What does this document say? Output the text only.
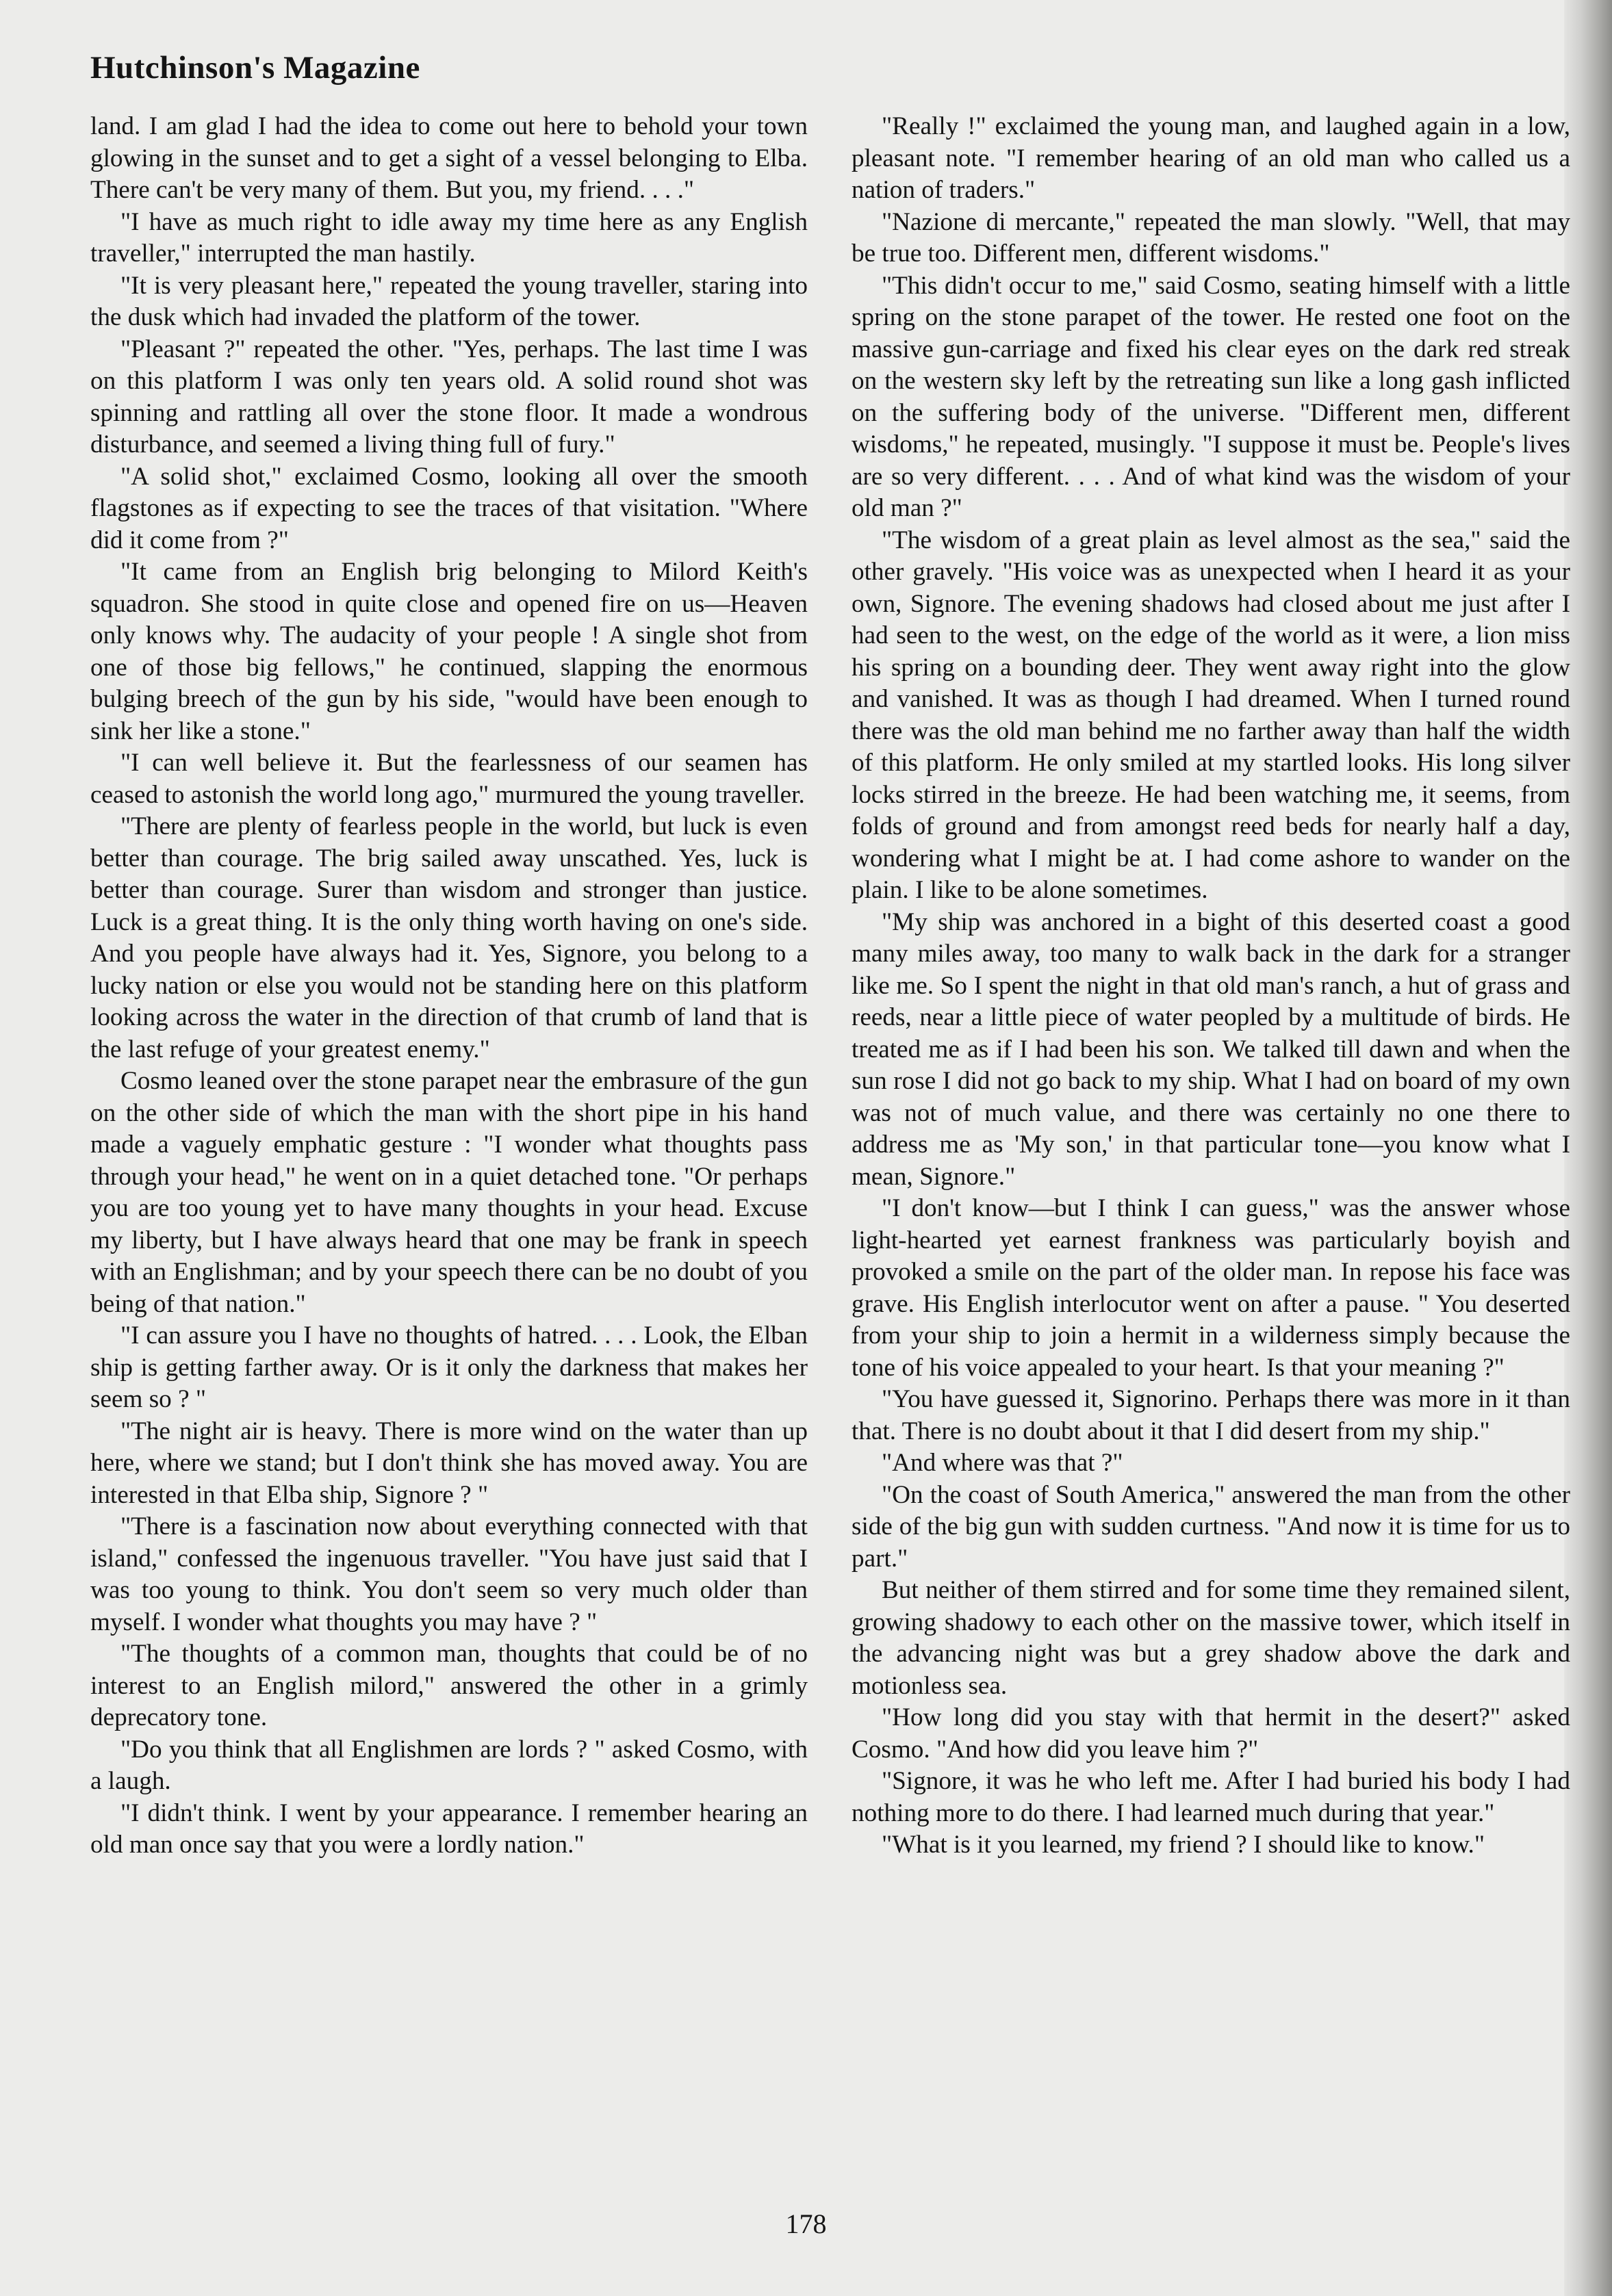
Hutchinson's Magazine

land. I am glad I had the idea to come out here to behold your town glowing in the sunset and to get a sight of a vessel belonging to Elba. There can't be very many of them. But you, my friend. . . ."

"I have as much right to idle away my time here as any English traveller," interrupted the man hastily.

"It is very pleasant here," repeated the young traveller, staring into the dusk which had invaded the platform of the tower.

"Pleasant ?" repeated the other. "Yes, perhaps. The last time I was on this platform I was only ten years old. A solid round shot was spinning and rattling all over the stone floor. It made a wondrous disturbance, and seemed a living thing full of fury."

"A solid shot," exclaimed Cosmo, looking all over the smooth flagstones as if expecting to see the traces of that visitation. "Where did it come from ?"

"It came from an English brig belonging to Milord Keith's squadron. She stood in quite close and opened fire on us—Heaven only knows why. The audacity of your people ! A single shot from one of those big fellows," he continued, slapping the enormous bulging breech of the gun by his side, "would have been enough to sink her like a stone."

"I can well believe it. But the fearlessness of our seamen has ceased to astonish the world long ago," murmured the young traveller.

"There are plenty of fearless people in the world, but luck is even better than courage. The brig sailed away unscathed. Yes, luck is better than courage. Surer than wisdom and stronger than justice. Luck is a great thing. It is the only thing worth having on one's side. And you people have always had it. Yes, Signore, you belong to a lucky nation or else you would not be standing here on this platform looking across the water in the direction of that crumb of land that is the last refuge of your greatest enemy."

Cosmo leaned over the stone parapet near the embrasure of the gun on the other side of which the man with the short pipe in his hand made a vaguely emphatic gesture : "I wonder what thoughts pass through your head," he went on in a quiet detached tone. "Or perhaps you are too young yet to have many thoughts in your head. Excuse my liberty, but I have always heard that one may be frank in speech with an Englishman; and by your speech there can be no doubt of you being of that nation."

"I can assure you I have no thoughts of hatred. . . . Look, the Elban ship is getting farther away. Or is it only the darkness that makes her seem so ? "

"The night air is heavy. There is more wind on the water than up here, where we stand; but I don't think she has moved away. You are interested in that Elba ship, Signore ? "

"There is a fascination now about everything connected with that island," confessed the ingenuous traveller. "You have just said that I was too young to think. You don't seem so very much older than myself. I wonder what thoughts you may have ? "

"The thoughts of a common man, thoughts that could be of no interest to an English milord," answered the other in a grimly deprecatory tone.

"Do you think that all Englishmen are lords ? " asked Cosmo, with a laugh.

"I didn't think. I went by your appearance. I remember hearing an old man once say that you were a lordly nation."

"Really !" exclaimed the young man, and laughed again in a low, pleasant note. "I remember hearing of an old man who called us a nation of traders."

"Nazione di mercante," repeated the man slowly. "Well, that may be true too. Different men, different wisdoms."

"This didn't occur to me," said Cosmo, seating himself with a little spring on the stone parapet of the tower. He rested one foot on the massive gun-carriage and fixed his clear eyes on the dark red streak on the western sky left by the retreating sun like a long gash inflicted on the suffering body of the universe. "Different men, different wisdoms," he repeated, musingly. "I suppose it must be. People's lives are so very different. . . . And of what kind was the wisdom of your old man ?"

"The wisdom of a great plain as level almost as the sea," said the other gravely. "His voice was as unexpected when I heard it as your own, Signore. The evening shadows had closed about me just after I had seen to the west, on the edge of the world as it were, a lion miss his spring on a bounding deer. They went away right into the glow and vanished. It was as though I had dreamed. When I turned round there was the old man behind me no farther away than half the width of this platform. He only smiled at my startled looks. His long silver locks stirred in the breeze. He had been watching me, it seems, from folds of ground and from amongst reed beds for nearly half a day, wondering what I might be at. I had come ashore to wander on the plain. I like to be alone sometimes.

"My ship was anchored in a bight of this deserted coast a good many miles away, too many to walk back in the dark for a stranger like me. So I spent the night in that old man's ranch, a hut of grass and reeds, near a little piece of water peopled by a multitude of birds. He treated me as if I had been his son. We talked till dawn and when the sun rose I did not go back to my ship. What I had on board of my own was not of much value, and there was certainly no one there to address me as 'My son,' in that particular tone—you know what I mean, Signore."

"I don't know—but I think I can guess," was the answer whose light-hearted yet earnest frankness was particularly boyish and provoked a smile on the part of the older man. In repose his face was grave. His English interlocutor went on after a pause. " You deserted from your ship to join a hermit in a wilderness simply because the tone of his voice appealed to your heart. Is that your meaning ?"

"You have guessed it, Signorino. Perhaps there was more in it than that. There is no doubt about it that I did desert from my ship."

"And where was that ?"

"On the coast of South America," answered the man from the other side of the big gun with sudden curtness. "And now it is time for us to part."

But neither of them stirred and for some time they remained silent, growing shadowy to each other on the massive tower, which itself in the advancing night was but a grey shadow above the dark and motionless sea.

"How long did you stay with that hermit in the desert?" asked Cosmo. "And how did you leave him ?"

"Signore, it was he who left me. After I had buried his body I had nothing more to do there. I had learned much during that year."

"What is it you learned, my friend ? I should like to know."

178
